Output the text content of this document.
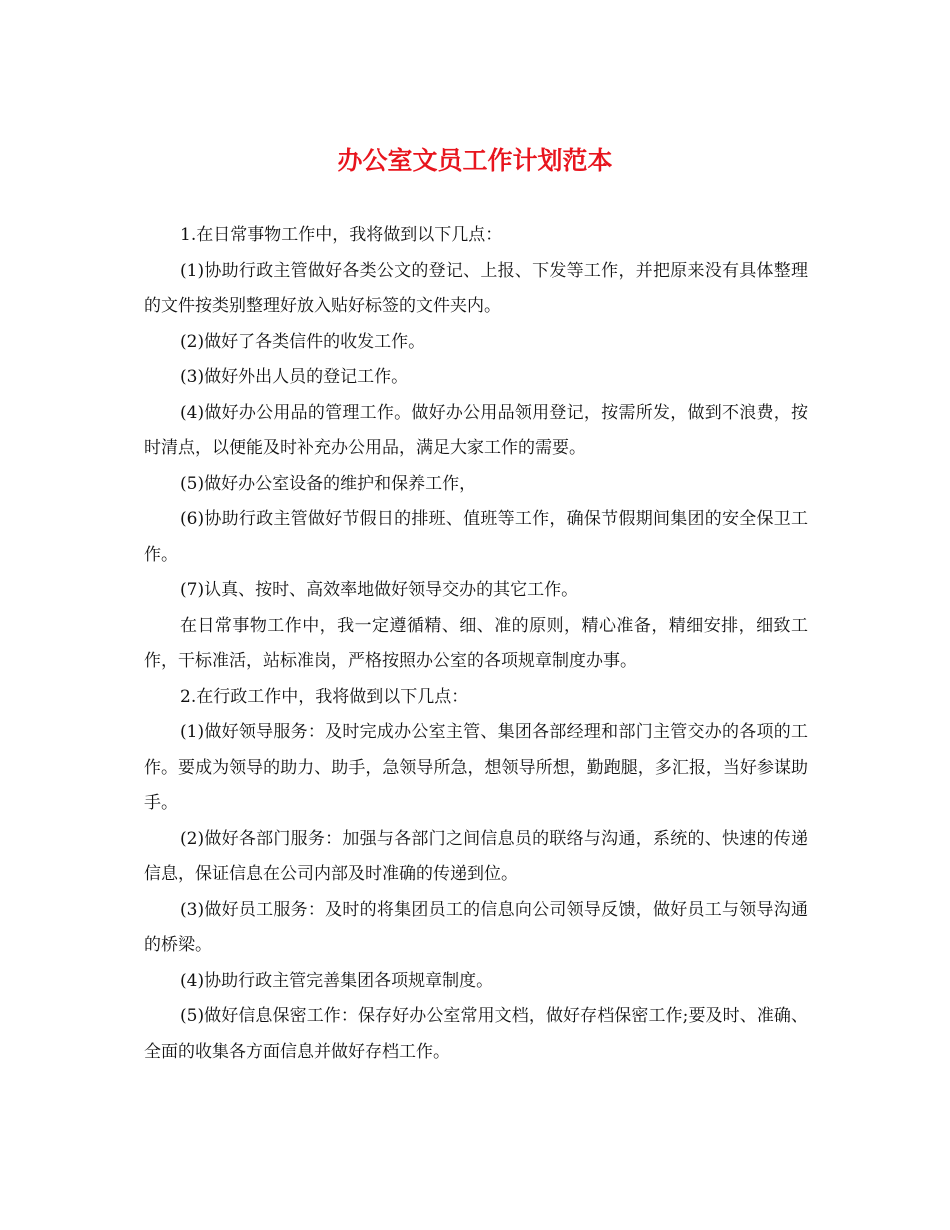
办公室文员工作计划范本

1.在日常事物工作中，我将做到以下几点：

(1)协助行政主管做好各类公文的登记、上报、下发等工作，并把原来没有具体整理的文件按类别整理好放入贴好标签的文件夹内。

(2)做好了各类信件的收发工作。

(3)做好外出人员的登记工作。

(4)做好办公用品的管理工作。做好办公用品领用登记，按需所发，做到不浪费，按时清点，以便能及时补充办公用品，满足大家工作的需要。

(5)做好办公室设备的维护和保养工作，

(6)协助行政主管做好节假日的排班、值班等工作，确保节假期间集团的安全保卫工作。

(7)认真、按时、高效率地做好领导交办的其它工作。

在日常事物工作中，我一定遵循精、细、准的原则，精心准备，精细安排，细致工作，干标准活，站标准岗，严格按照办公室的各项规章制度办事。

2.在行政工作中，我将做到以下几点：

(1)做好领导服务：及时完成办公室主管、集团各部经理和部门主管交办的各项的工作。要成为领导的助力、助手，急领导所急，想领导所想，勤跑腿，多汇报，当好参谋助手。

(2)做好各部门服务：加强与各部门之间信息员的联络与沟通，系统的、快速的传递信息，保证信息在公司内部及时准确的传递到位。

(3)做好员工服务：及时的将集团员工的信息向公司领导反馈，做好员工与领导沟通的桥梁。

(4)协助行政主管完善集团各项规章制度。

(5)做好信息保密工作：保存好办公室常用文档，做好存档保密工作;要及时、准确、全面的收集各方面信息并做好存档工作。
